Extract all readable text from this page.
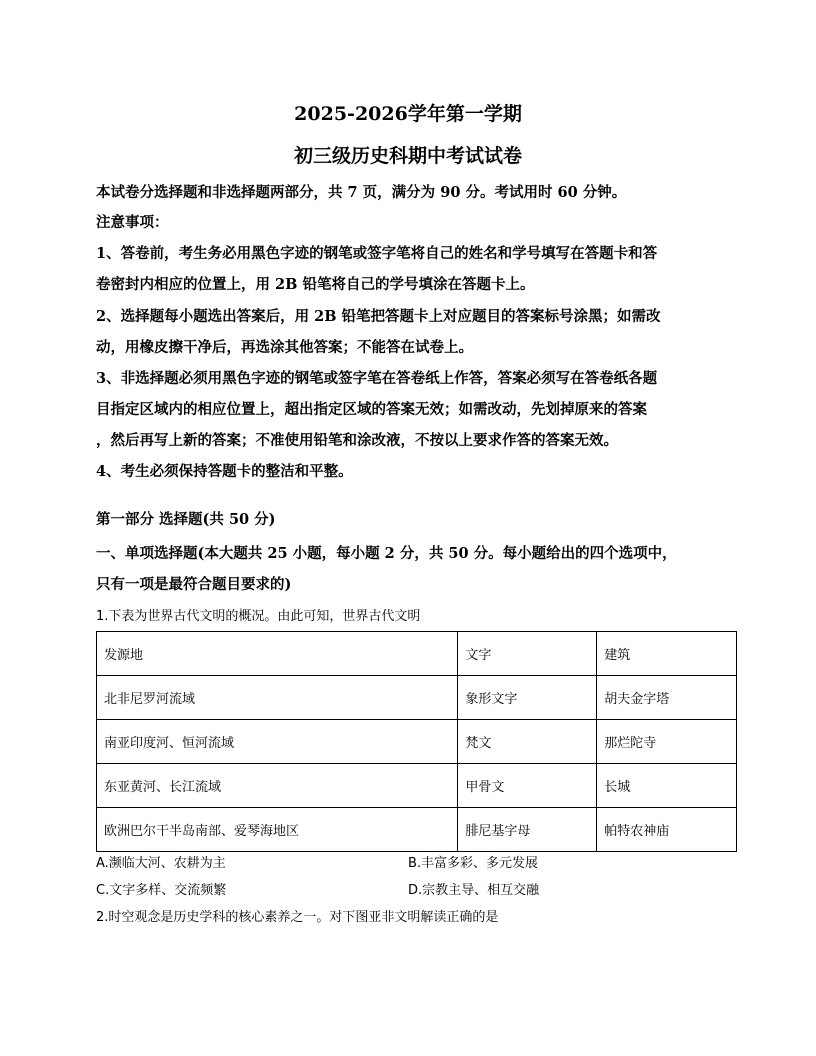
2025-2026学年第一学期
初三级历史科期中考试试卷
本试卷分选择题和非选择题两部分，共 7 页，满分为 90 分。考试用时 60 分钟。
注意事项：
1、答卷前，考生务必用黑色字迹的钢笔或签字笔将自己的姓名和学号填写在答题卡和答
卷密封内相应的位置上，用 2B 铅笔将自己的学号填涂在答题卡上。
2、选择题每小题选出答案后，用 2B 铅笔把答题卡上对应题目的答案标号涂黑；如需改
动，用橡皮擦干净后，再选涂其他答案；不能答在试卷上。
3、非选择题必须用黑色字迹的钢笔或签字笔在答卷纸上作答，答案必须写在答卷纸各题
目指定区域内的相应位置上，超出指定区域的答案无效；如需改动，先划掉原来的答案
，然后再写上新的答案；不准使用铅笔和涂改液，不按以上要求作答的答案无效。
4、考生必须保持答题卡的整洁和平整。
第一部分 选择题(共 50 分)
一、单项选择题(本大题共 25 小题，每小题 2 分，共 50 分。每小题给出的四个选项中，
只有一项是最符合题目要求的)
1.下表为世界古代文明的概况。由此可知，世界古代文明
发源地	文字	建筑
北非尼罗河流域	象形文字	胡夫金字塔
南亚印度河、恒河流域	梵文	那烂陀寺
东亚黄河、长江流域	甲骨文	长城
欧洲巴尔干半岛南部、爱琴海地区	腓尼基字母	帕特农神庙
A.濒临大河、农耕为主	B.丰富多彩、多元发展
C.文字多样、交流频繁	D.宗教主导、相互交融
2.时空观念是历史学科的核心素养之一。对下图亚非文明解读正确的是
